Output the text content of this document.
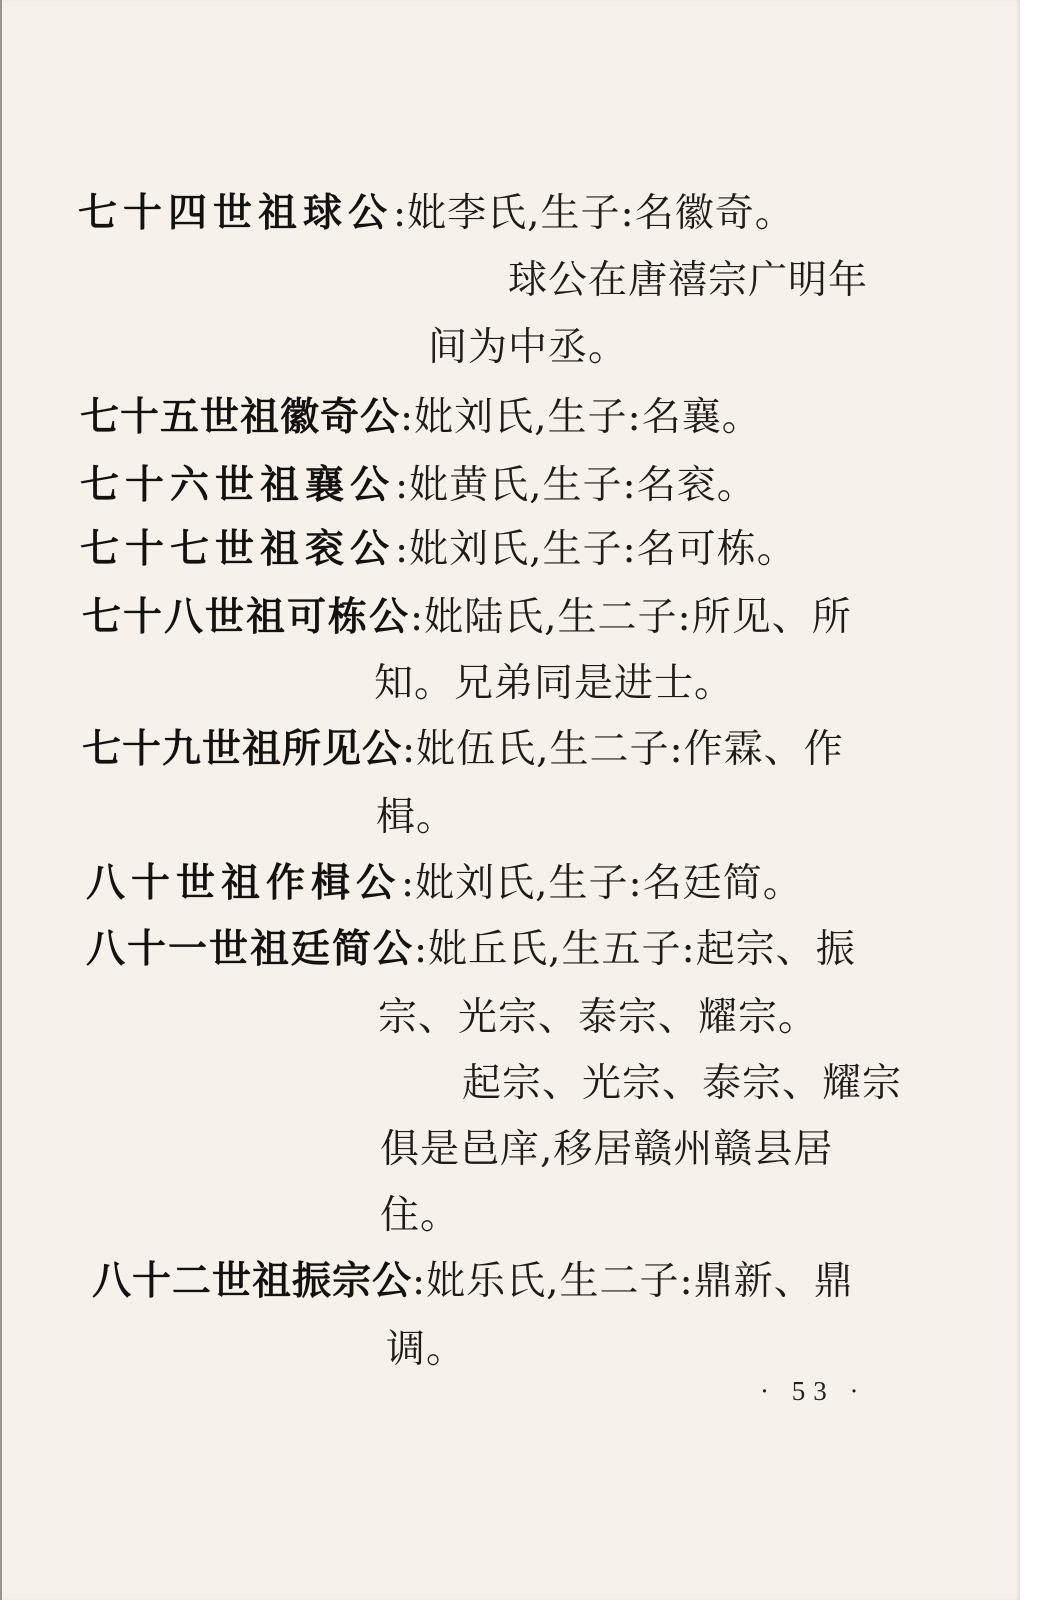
七十四世祖球公:妣李氏,生子:名徽奇。
球公在唐禧宗广明年
间为中丞。
七十五世祖徽奇公:妣刘氏,生子:名襄。
七十六世祖襄公:妣黄氏,生子:名衮。
七十七世祖衮公:妣刘氏,生子:名可栋。
七十八世祖可栋公:妣陆氏,生二子:所见、所
知。兄弟同是进士。
七十九世祖所见公:妣伍氏,生二子:作霖、作
楫。
八十世祖作楫公:妣刘氏,生子:名廷简。
八十一世祖廷简公:妣丘氏,生五子:起宗、振
宗、光宗、泰宗、耀宗。
起宗、光宗、泰宗、耀宗
俱是邑庠,移居赣州赣县居
住。
八十二世祖振宗公:妣乐氏,生二子:鼎新、鼎
调。
· 53 ·
